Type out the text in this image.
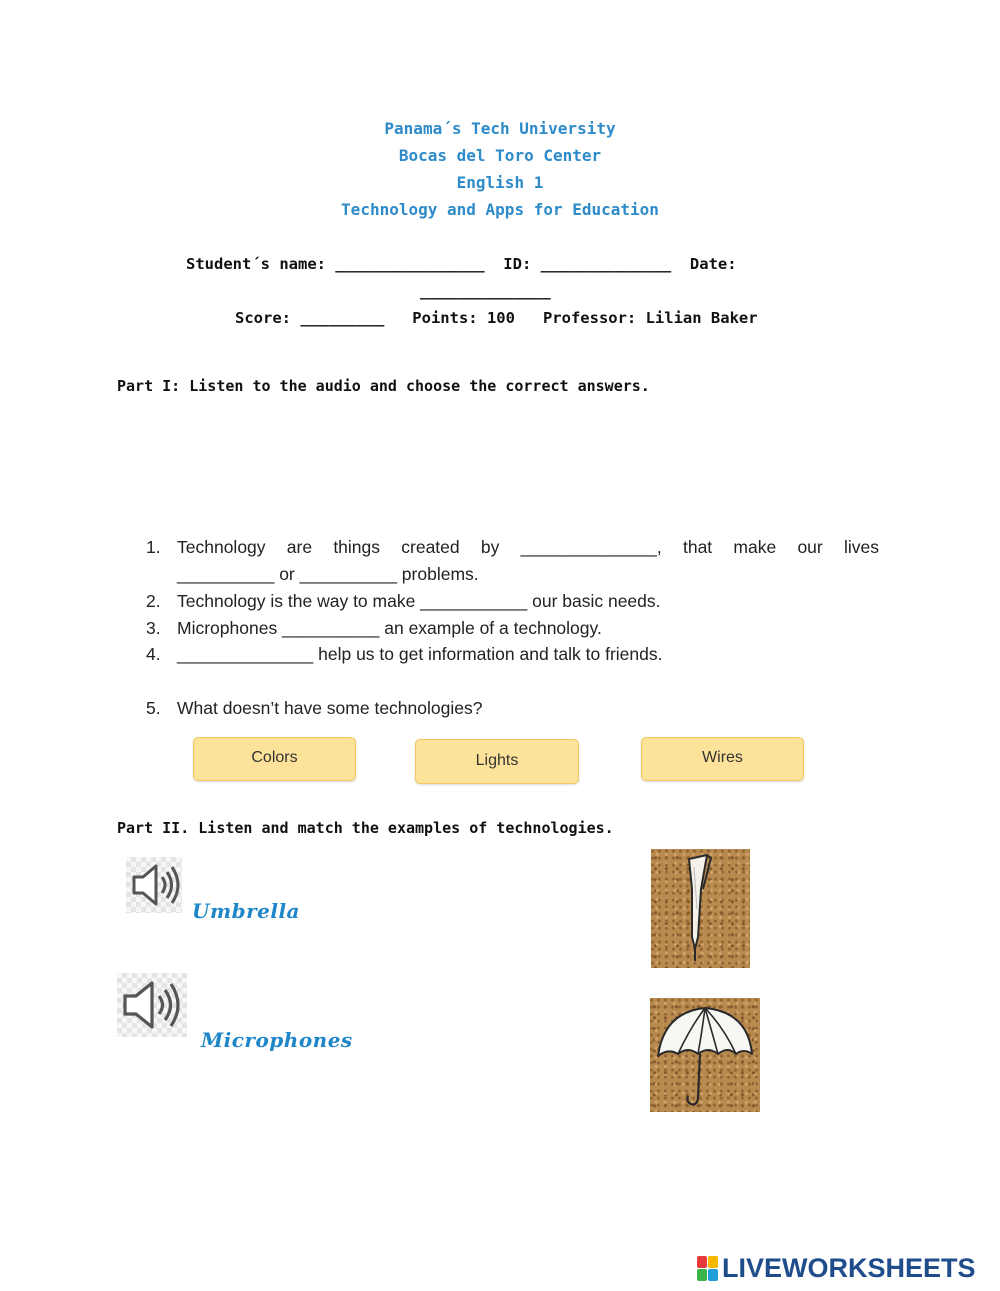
Panama´s Tech University
Bocas del Toro Center
English 1
Technology and Apps for Education
Student´s name: ________________  ID: ______________  Date:
______________
Score: _________   Points: 100   Professor: Lilian Baker
Part I: Listen to the audio and choose the correct answers.
1. Technology are things created by ______________, that make our lives
__________ or __________ problems.
2. Technology is the way to make ___________ our basic needs.
3. Microphones __________ an example of a technology.
4. ______________ help us to get information and talk to friends.
5. What doesn’t have some technologies?
Colors	Lights	Wires
Part II. Listen and match the examples of technologies.
Umbrella
Microphones
LIVEWORKSHEETS
